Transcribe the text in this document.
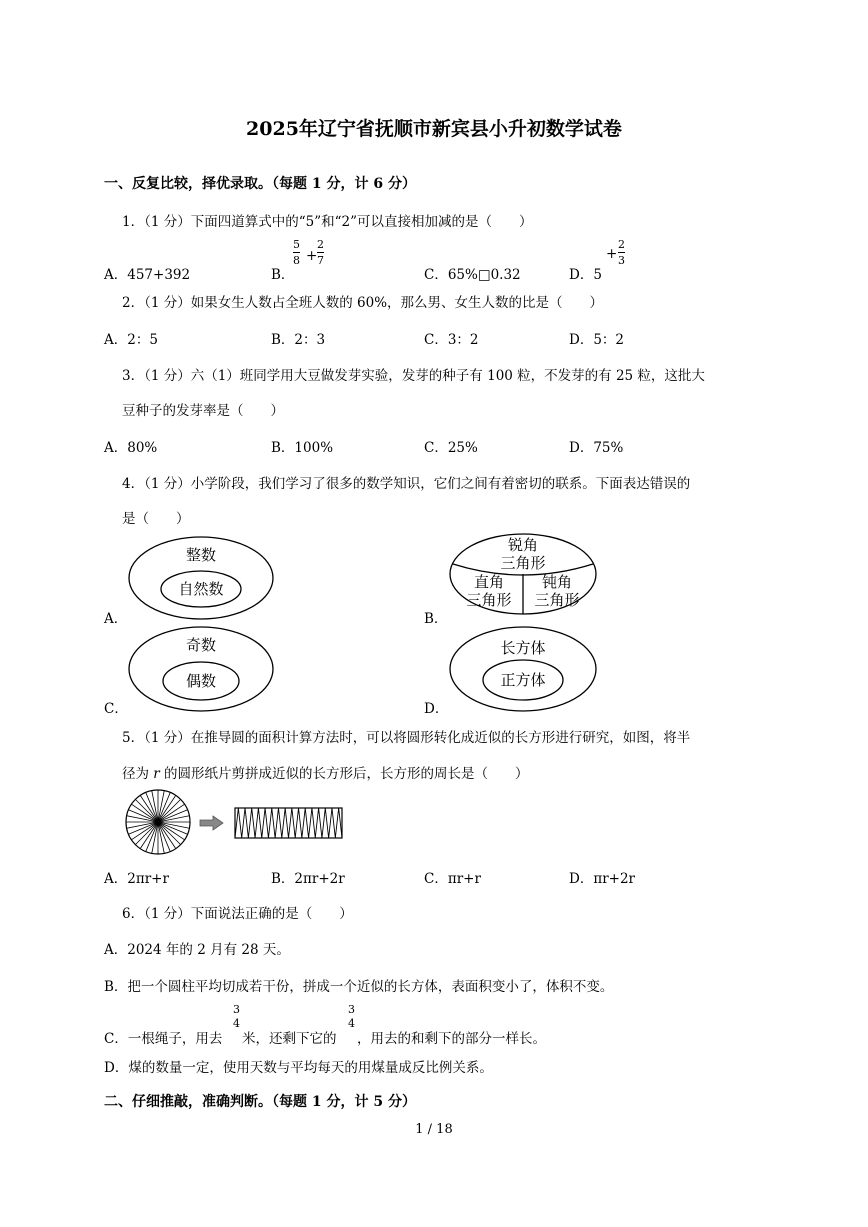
2025年辽宁省抚顺市新宾县小升初数学试卷
一、反复比较，择优录取。（每题 1 分，计 6 分）
1．（1 分）下面四道算式中的“5”和“2”可以直接相加减的是（　　）
A．457+392	B．
5
8 +
2
7
C．65%□0.32	D．5
+
2
3
2．（1 分）如果女生人数占全班人数的 60%，那么男、女生人数的比是（　　）
A．2：5	B．2：3	C．3：2	D．5：2
3．（1 分）六（1）班同学用大豆做发芽实验，发芽的种子有 100 粒，不发芽的有 25 粒，这批大
豆种子的发芽率是（　　）
A．80%	B．100%	C．25%	D．75%
4．（1 分）小学阶段，我们学习了很多的数学知识，它们之间有着密切的联系。下面表达错误的
是（　　）
A．	B．
C．	D．
整数
自然数
锐角
三角形
直角
三角形
钝角
三角形
奇数
偶数
长方体
正方体
5．（1 分）在推导圆的面积计算方法时，可以将圆形转化成近似的长方形进行研究，如图，将半
径为 r 的圆形纸片剪拼成近似的长方形后，长方形的周长是（　　）
A．2πr+r	B．2πr+2r	C．πr+r	D．πr+2r
6．（1 分）下面说法正确的是（　　）
A．2024 年的 2 月有 28 天。
B．把一个圆柱平均切成若干份，拼成一个近似的长方体，表面积变小了，体积不变。
C．一根绳子，用去
3
4
米，还剩下它的
3
4
，用去的和剩下的部分一样长。
D．煤的数量一定，使用天数与平均每天的用煤量成反比例关系。
二、仔细推敲，准确判断。（每题 1 分，计 5 分）
1 / 18
